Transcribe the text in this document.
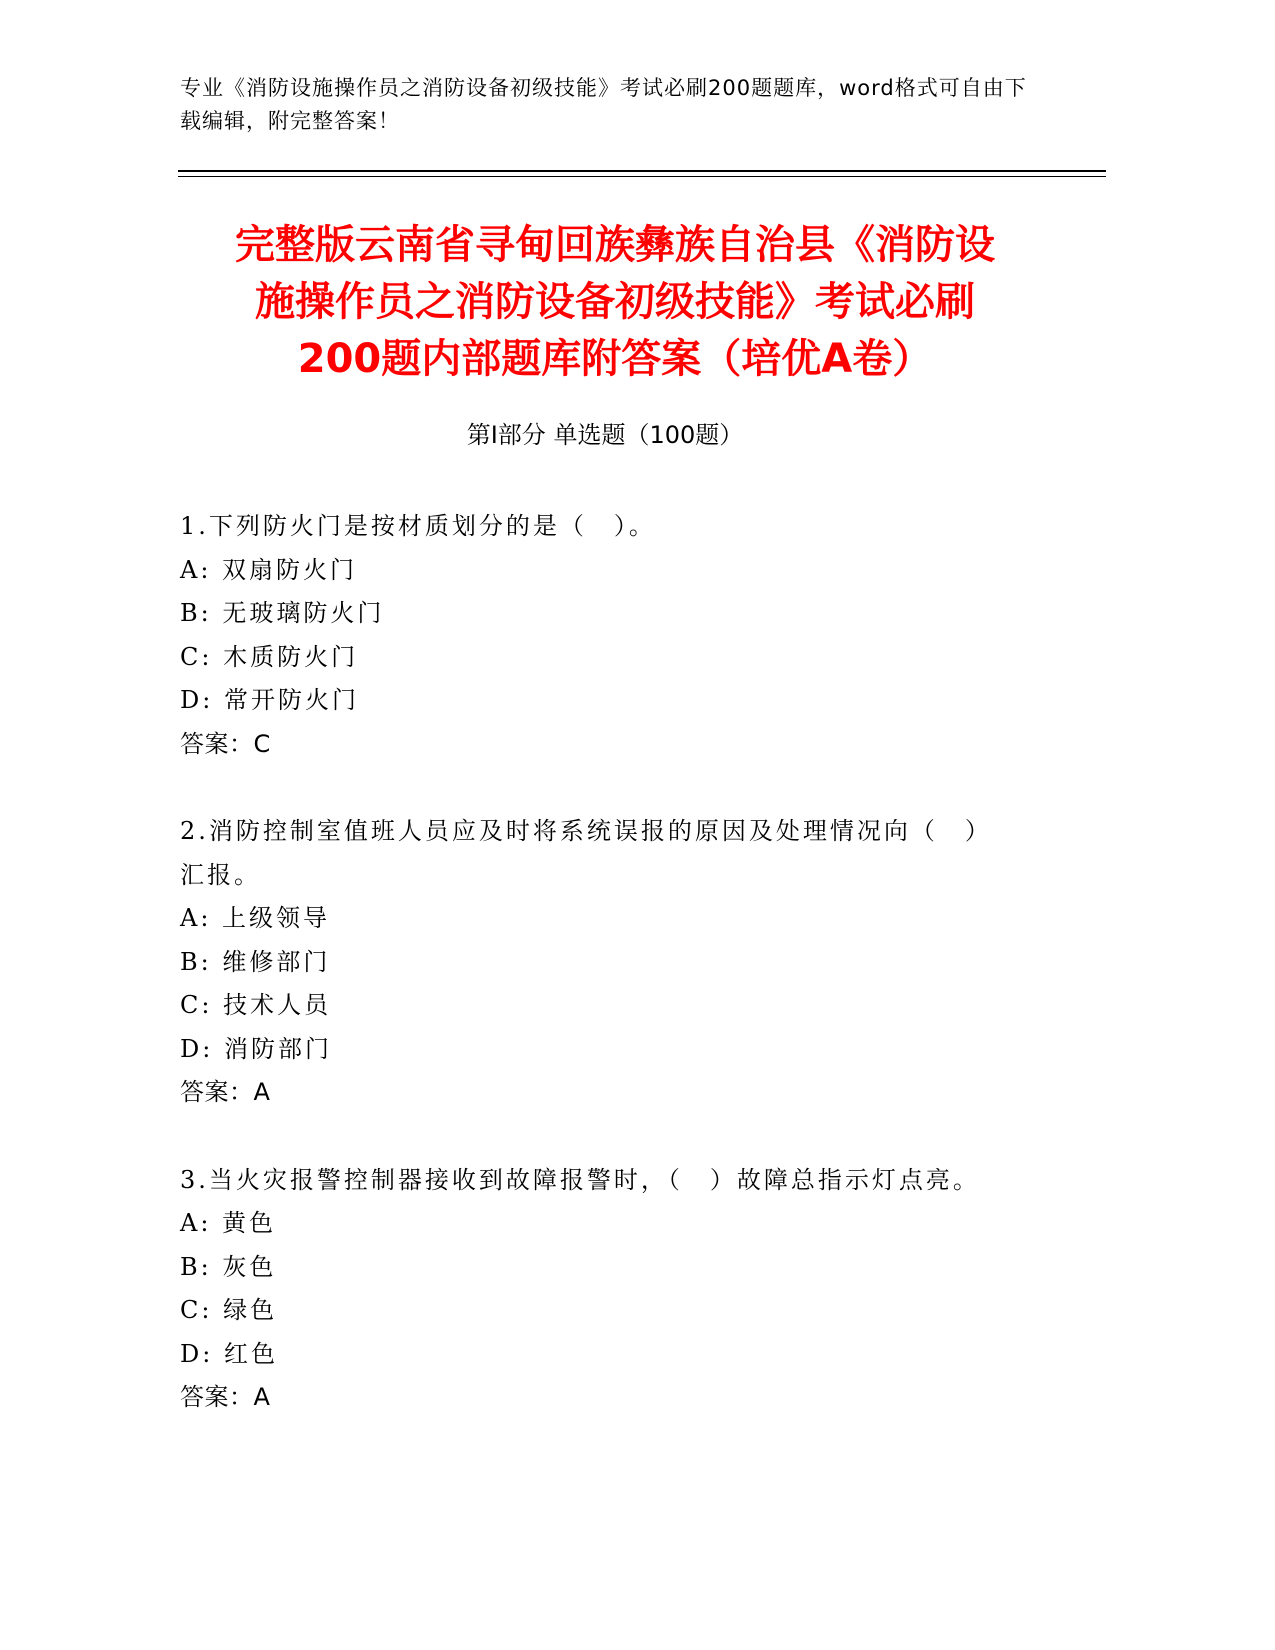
专业《消防设施操作员之消防设备初级技能》考试必刷200题题库，word格式可自由下载编辑，附完整答案！
完整版云南省寻甸回族彝族自治县《消防设
施操作员之消防设备初级技能》考试必刷
200题内部题库附答案（培优A卷）
第Ⅰ部分 单选题（100题）
1.下列防火门是按材质划分的是（　）。
A: 双扇防火门
B: 无玻璃防火门
C: 木质防火门
D: 常开防火门
答案：C
2.消防控制室值班人员应及时将系统误报的原因及处理情况向（　）汇报。
A: 上级领导
B: 维修部门
C: 技术人员
D: 消防部门
答案：A
3.当火灾报警控制器接收到故障报警时，（　）故障总指示灯点亮。
A: 黄色
B: 灰色
C: 绿色
D: 红色
答案：A
